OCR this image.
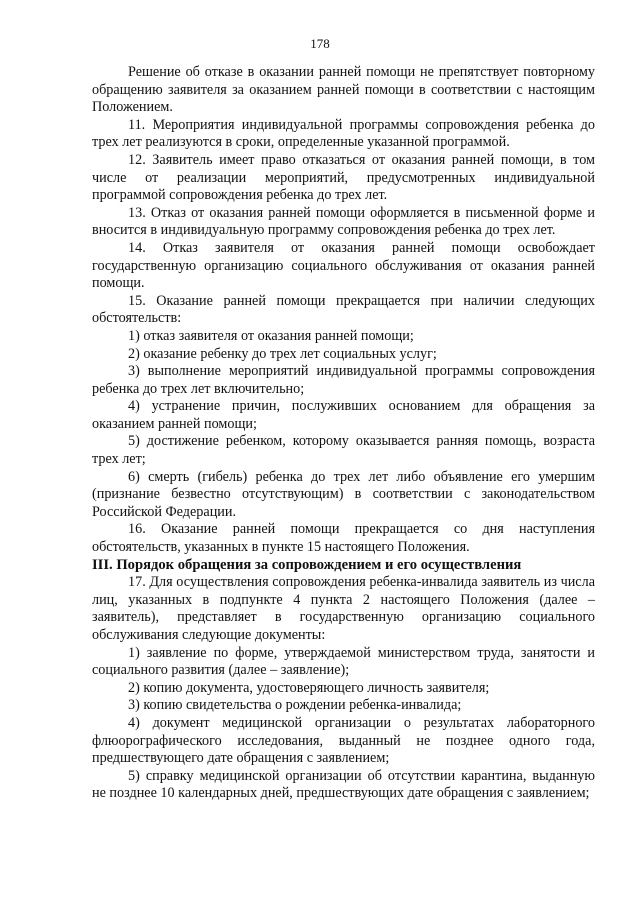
178

Решение об отказе в оказании ранней помощи не препятствует повторному обращению заявителя за оказанием ранней помощи в соответствии с настоящим Положением.

11. Мероприятия индивидуальной программы сопровождения ребенка до трех лет реализуются в сроки, определенные указанной программой.

12. Заявитель имеет право отказаться от оказания ранней помощи, в том числе от реализации мероприятий, предусмотренных индивидуальной программой сопровождения ребенка до трех лет.

13. Отказ от оказания ранней помощи оформляется в письменной форме и вносится в индивидуальную программу сопровождения ребенка до трех лет.

14. Отказ заявителя от оказания ранней помощи освобождает государственную организацию социального обслуживания от оказания ранней помощи.

15. Оказание ранней помощи прекращается при наличии следующих обстоятельств:

1) отказ заявителя от оказания ранней помощи;

2) оказание ребенку до трех лет социальных услуг;

3) выполнение мероприятий индивидуальной программы сопровождения ребенка до трех лет включительно;

4) устранение причин, послуживших основанием для обращения за оказанием ранней помощи;

5) достижение ребенком, которому оказывается ранняя помощь, возраста трех лет;

6) смерть (гибель) ребенка до трех лет либо объявление его умершим (признание безвестно отсутствующим) в соответствии с законодательством Российской Федерации.

16. Оказание ранней помощи прекращается со дня наступления обстоятельств, указанных в пункте 15 настоящего Положения.

III. Порядок обращения за сопровождением и его осуществления

17. Для осуществления сопровождения ребенка-инвалида заявитель из числа лиц, указанных в подпункте 4 пункта 2 настоящего Положения (далее – заявитель), представляет в государственную организацию социального обслуживания следующие документы:

1) заявление по форме, утверждаемой министерством труда, занятости и социального развития (далее – заявление);

2) копию документа, удостоверяющего личность заявителя;

3) копию свидетельства о рождении ребенка-инвалида;

4) документ медицинской организации о результатах лабораторного флюорографического исследования, выданный не позднее одного года, предшествующего дате обращения с заявлением;

5) справку медицинской организации об отсутствии карантина, выданную не позднее 10 календарных дней, предшествующих дате обращения с заявлением;
